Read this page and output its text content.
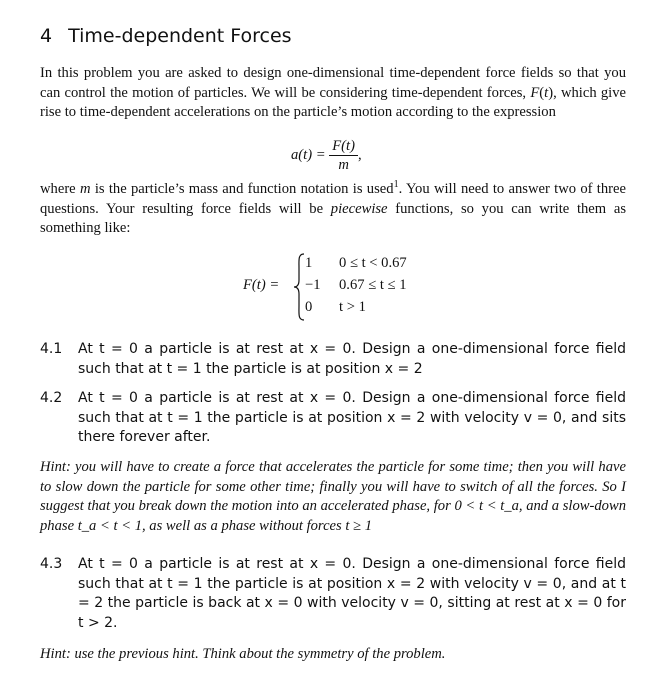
4 Time-dependent Forces
In this problem you are asked to design one-dimensional time-dependent force fields so that you can control the motion of particles. We will be considering time-dependent forces, F(t), which give rise to time-dependent accelerations on the particle’s motion according to the expression
$a(t) = \frac{F(t)}{m}$ ,
where m is the particle’s mass and function notation is used$^1$. You will need to answer two of three questions. Your resulting force fields will be piecewise functions, so you can write them as something like:
F(t) =
1 0 ≤ t < 0.67
−1 0.67 ≤ t ≤ 1
0 t > 1
4.1 At t = 0 a particle is at rest at x = 0. Design a one-dimensional force field such that at t = 1 the particle is at position x = 2
4.2 At t = 0 a particle is at rest at x = 0. Design a one-dimensional force field such that at t = 1 the particle is at position x = 2 with velocity v = 0, and sits there forever after.
Hint: you will have to create a force that accelerates the particle for some time; then you will have to slow down the particle for some other time; finally you will have to switch of all the forces. So I suggest that you break down the motion into an accelerated phase, for 0 < t < t_a, and a slow-down phase t_a < t < 1, as well as a phase without forces t ≥ 1
4.3 At t = 0 a particle is at rest at x = 0. Design a one-dimensional force field such that at t = 1 the particle is at position x = 2 with velocity v = 0, and at t = 2 the particle is back at x = 0 with velocity v = 0, sitting at rest at x = 0 for t > 2.
Hint: use the previous hint. Think about the symmetry of the problem.
